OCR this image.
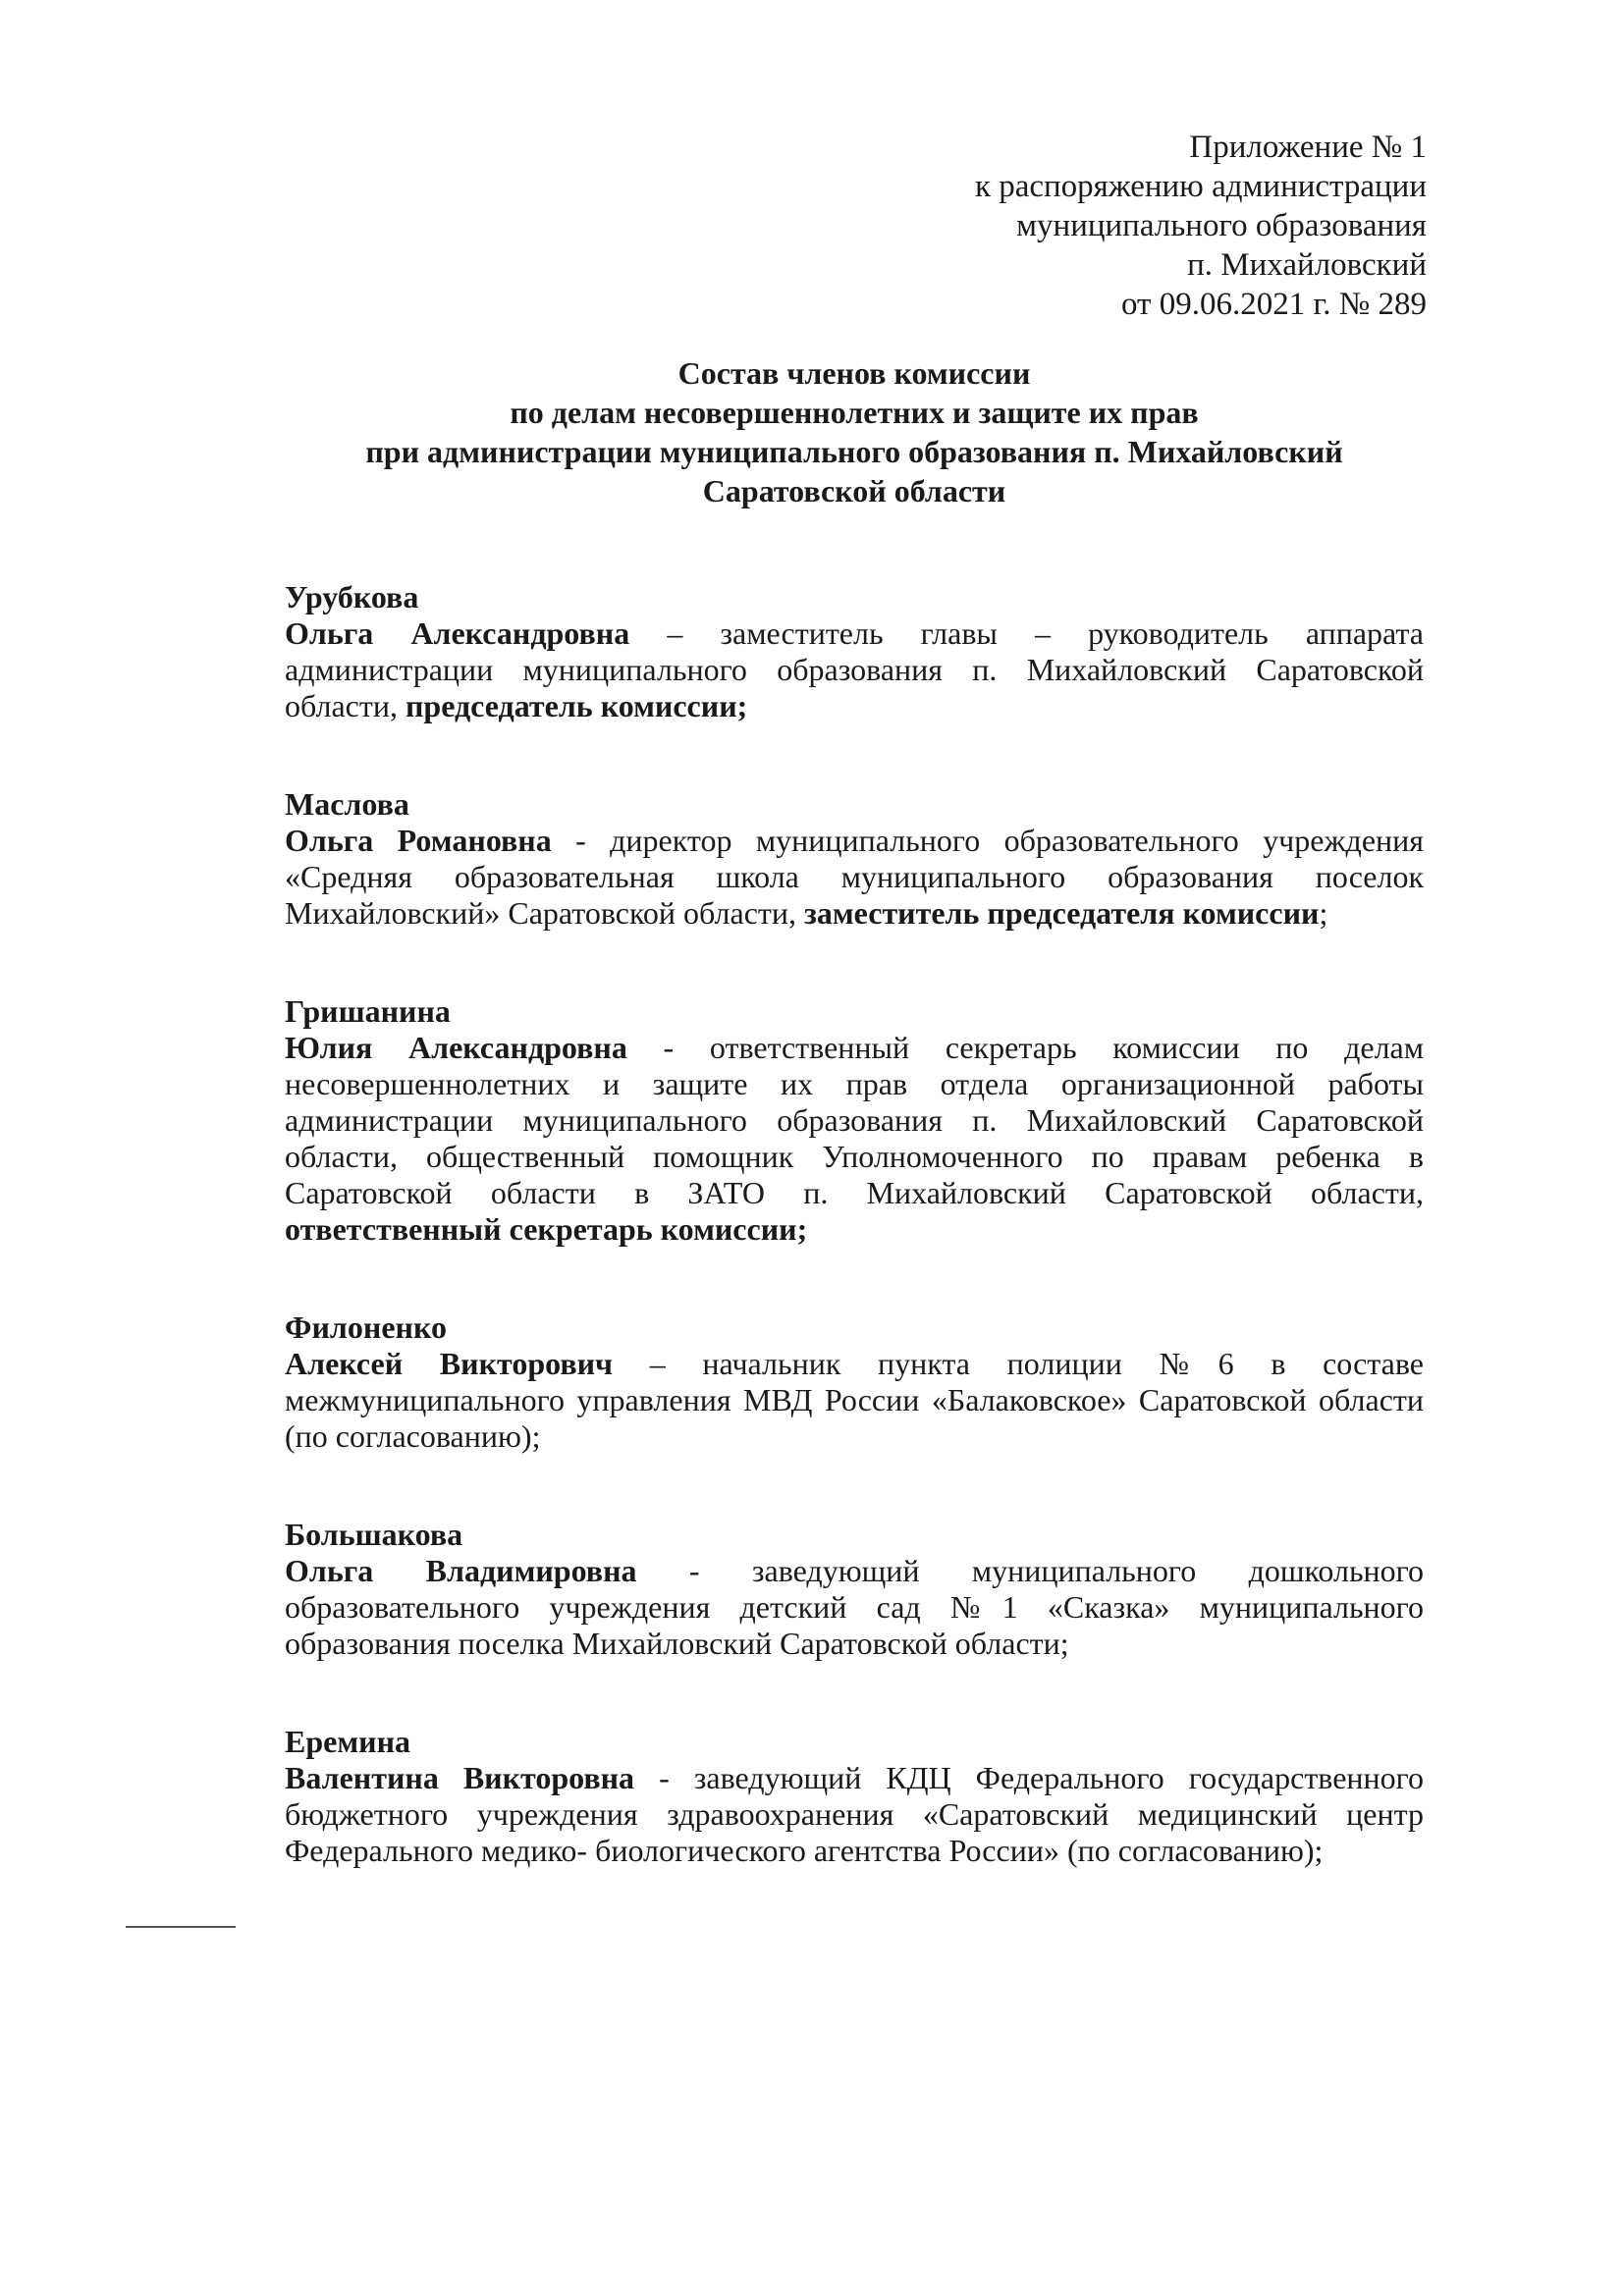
Приложение № 1
к распоряжению администрации
муниципального образования
п. Михайловский
от 09.06.2021 г. № 289
Состав членов комиссии
по делам несовершеннолетних и защите их прав
при администрации муниципального образования п. Михайловский
Саратовской области
Урубкова
Ольга Александровна – заместитель главы – руководитель аппарата администрации муниципального образования п. Михайловский Саратовской области, председатель комиссии;
Маслова
Ольга Романовна - директор муниципального образовательного учреждения «Средняя образовательная школа муниципального образования поселок Михайловский» Саратовской области, заместитель председателя комиссии;
Гришанина
Юлия Александровна - ответственный секретарь комиссии по делам несовершеннолетних и защите их прав отдела организационной работы администрации муниципального образования п. Михайловский Саратовской области, общественный помощник Уполномоченного по правам ребенка в Саратовской области в ЗАТО п. Михайловский Саратовской области, ответственный секретарь комиссии;
Филоненко
Алексей Викторович – начальник пункта полиции №6 в составе межмуниципального управления МВД России «Балаковское» Саратовской области (по согласованию);
Большакова
Ольга Владимировна - заведующий муниципального дошкольного образовательного учреждения детский сад №1 «Сказка» муниципального образования поселка Михайловский Саратовской области;
Еремина
Валентина Викторовна - заведующий КДЦ Федерального государственного бюджетного учреждения здравоохранения «Саратовский медицинский центр Федерального медико- биологического агентства России» (по согласованию);
